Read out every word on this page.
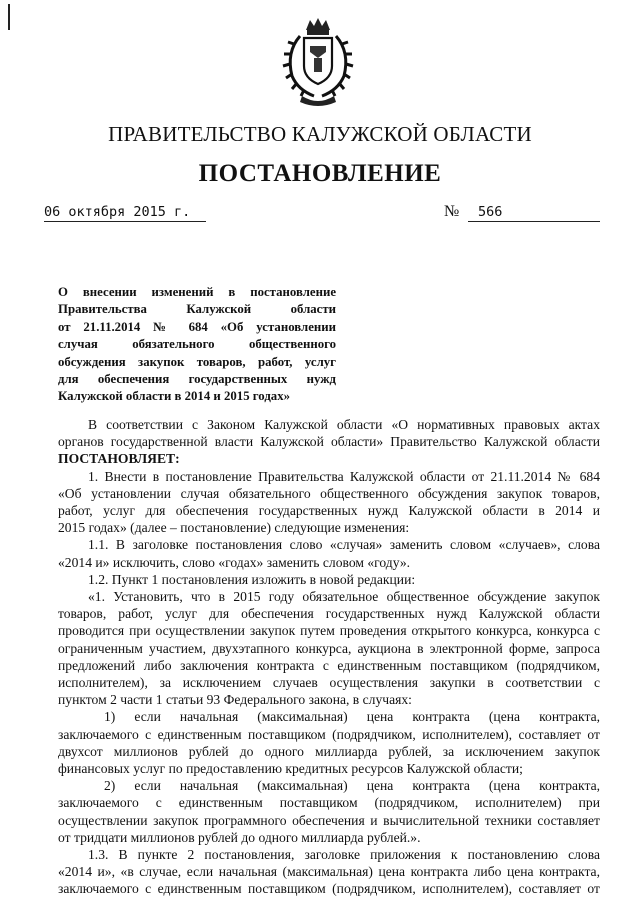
ПРАВИТЕЛЬСТВО КАЛУЖСКОЙ ОБЛАСТИ
ПОСТАНОВЛЕНИЕ
06 октября 2015 г.	№	566
О внесении изменений в постановление
Правительства Калужской области
от 21.11.2014 № 684 «Об установлении
случая обязательного общественного
обсуждения закупок товаров, работ, услуг
для обеспечения государственных нужд
Калужской области в 2014 и 2015 годах»
В соответствии с Законом Калужской области «О нормативных правовых актах
органов государственной власти Калужской области» Правительство Калужской области
ПОСТАНОВЛЯЕТ:
1. Внести в постановление Правительства Калужской области от 21.11.2014 № 684
«Об установлении случая обязательного общественного обсуждения закупок товаров,
работ, услуг для обеспечения государственных нужд Калужской области в 2014 и
2015 годах» (далее – постановление) следующие изменения:
1.1. В заголовке постановления слово «случая» заменить словом «случаев», слова
«2014 и» исключить, слово «годах» заменить словом «году».
1.2. Пункт 1 постановления изложить в новой редакции:
«1. Установить, что в 2015 году обязательное общественное обсуждение закупок
товаров, работ, услуг для обеспечения государственных нужд Калужской области
проводится при осуществлении закупок путем проведения открытого конкурса, конкурса с
ограниченным участием, двухэтапного конкурса, аукциона в электронной форме, запроса
предложений либо заключения контракта с единственным поставщиком (подрядчиком,
исполнителем), за исключением случаев осуществления закупки в соответствии с
пунктом 2 части 1 статьи 93 Федерального закона, в случаях:
1) если начальная (максимальная) цена контракта (цена контракта,
заключаемого с единственным поставщиком (подрядчиком, исполнителем), составляет от
двухсот миллионов рублей до одного миллиарда рублей, за исключением закупок
финансовых услуг по предоставлению кредитных ресурсов Калужской области;
2) если начальная (максимальная) цена контракта (цена контракта,
заключаемого с единственным поставщиком (подрядчиком, исполнителем) при
осуществлении закупок программного обеспечения и вычислительной техники составляет
от тридцати миллионов рублей до одного миллиарда рублей.».
1.3. В пункте 2 постановления, заголовке приложения к постановлению слова
«2014 и», «в случае, если начальная (максимальная) цена контракта либо цена контракта,
заключаемого с единственным поставщиком (подрядчиком, исполнителем), составляет от
